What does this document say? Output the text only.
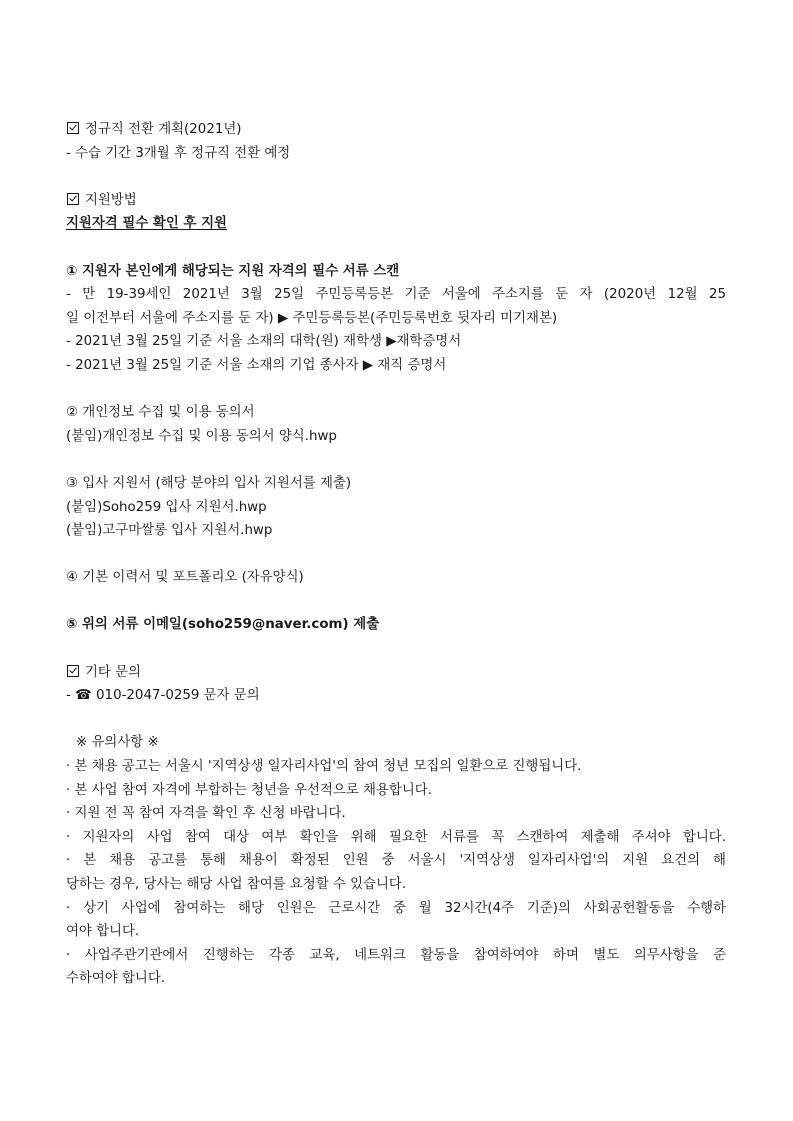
정규직 전환 계획(2021년)
- 수습 기간 3개월 후 정규직 전환 예정
지원방법
지원자격 필수 확인 후 지원
① 지원자 본인에게 해당되는 지원 자격의 필수 서류 스캔
- 만 19-39세인 2021년 3월 25일 주민등록등본 기준 서울에 주소지를 둔 자 (2020년 12월 25
일 이전부터 서울에 주소지를 둔 자) ▶ 주민등록등본(주민등록번호 뒷자리 미기재본)
- 2021년 3월 25일 기준 서울 소재의 대학(원) 재학생 ▶재학증명서
- 2021년 3월 25일 기준 서울 소재의 기업 종사자 ▶ 재직 증명서
② 개인정보 수집 및 이용 동의서
(붙임)개인정보 수집 및 이용 동의서 양식.hwp
③ 입사 지원서 (해당 분야의 입사 지원서를 제출)
(붙임)Soho259 입사 지원서.hwp
(붙임)고구마쌀롱 입사 지원서.hwp
④ 기본 이력서 및 포트폴리오 (자유양식)
⑤ 위의 서류 이메일(soho259@naver.com) 제출
기타 문의
- ☎ 010-2047-0259 문자 문의
※ 유의사항 ※
· 본 채용 공고는 서울시 '지역상생 일자리사업'의 참여 청년 모집의 일환으로 진행됩니다.
· 본 사업 참여 자격에 부합하는 청년을 우선적으로 채용합니다.
· 지원 전 꼭 참여 자격을 확인 후 신청 바랍니다.
· 지원자의 사업 참여 대상 여부 확인을 위해 필요한 서류를 꼭 스캔하여 제출해 주셔야 합니다.
· 본 채용 공고를 통해 채용이 확정된 인원 중 서울시 '지역상생 일자리사업'의 지원 요건의 해
당하는 경우, 당사는 해당 사업 참여를 요청할 수 있습니다.
· 상기 사업에 참여하는 해당 인원은 근로시간 중 월 32시간(4주 기준)의 사회공헌활동을 수행하
여야 합니다.
· 사업주관기관에서 진행하는 각종 교육, 네트워크 활동을 참여하여야 하며 별도 의무사항을 준
수하여야 합니다.
